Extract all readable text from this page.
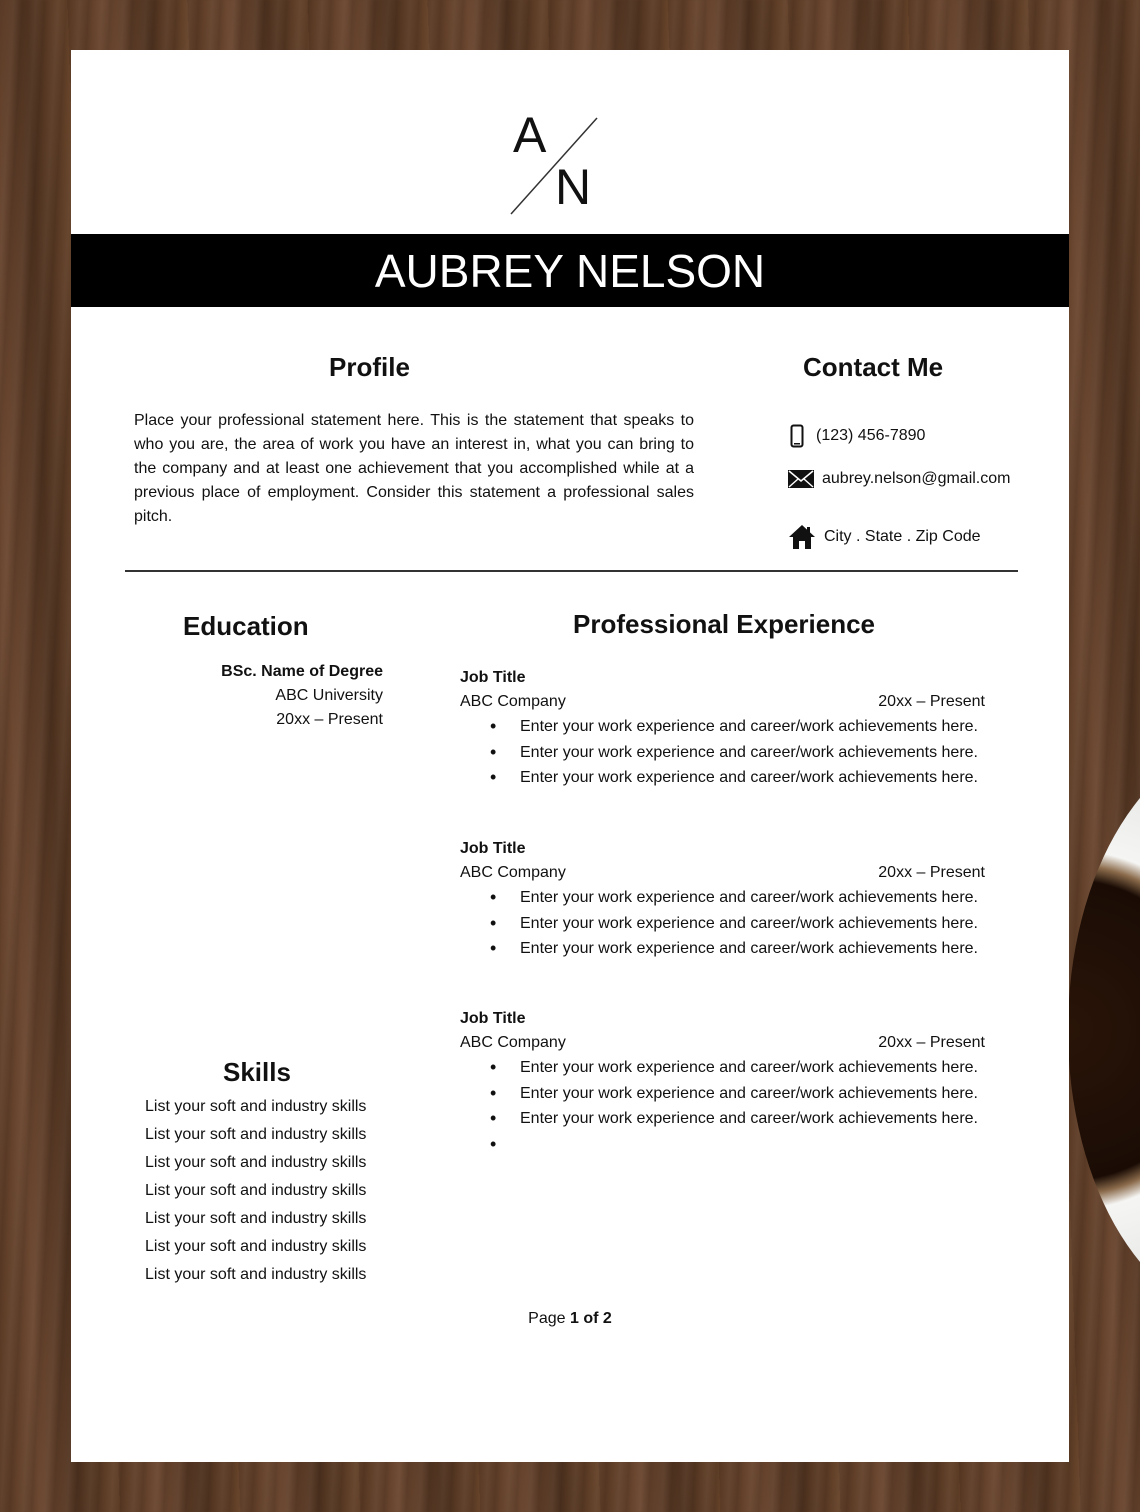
A
N
AUBREY NELSON
Profile
Place your professional statement here. This is the statement that speaks to who you are, the area of work you have an interest in, what you can bring to the company and at least one achievement that you accomplished while at a previous place of employment. Consider this statement a professional sales pitch.
Contact Me
(123) 456-7890
aubrey.nelson@gmail.com
City . State . Zip Code
Education
BSc. Name of Degree
ABC University
20xx – Present
Professional Experience
Job Title
ABC Company	20xx – Present
• Enter your work experience and career/work achievements here.
• Enter your work experience and career/work achievements here.
• Enter your work experience and career/work achievements here.
Job Title
ABC Company	20xx – Present
• Enter your work experience and career/work achievements here.
• Enter your work experience and career/work achievements here.
• Enter your work experience and career/work achievements here.
Job Title
ABC Company	20xx – Present
• Enter your work experience and career/work achievements here.
• Enter your work experience and career/work achievements here.
• Enter your work experience and career/work achievements here.
•
Skills
List your soft and industry skills
List your soft and industry skills
List your soft and industry skills
List your soft and industry skills
List your soft and industry skills
List your soft and industry skills
List your soft and industry skills
Page 1 of 2
